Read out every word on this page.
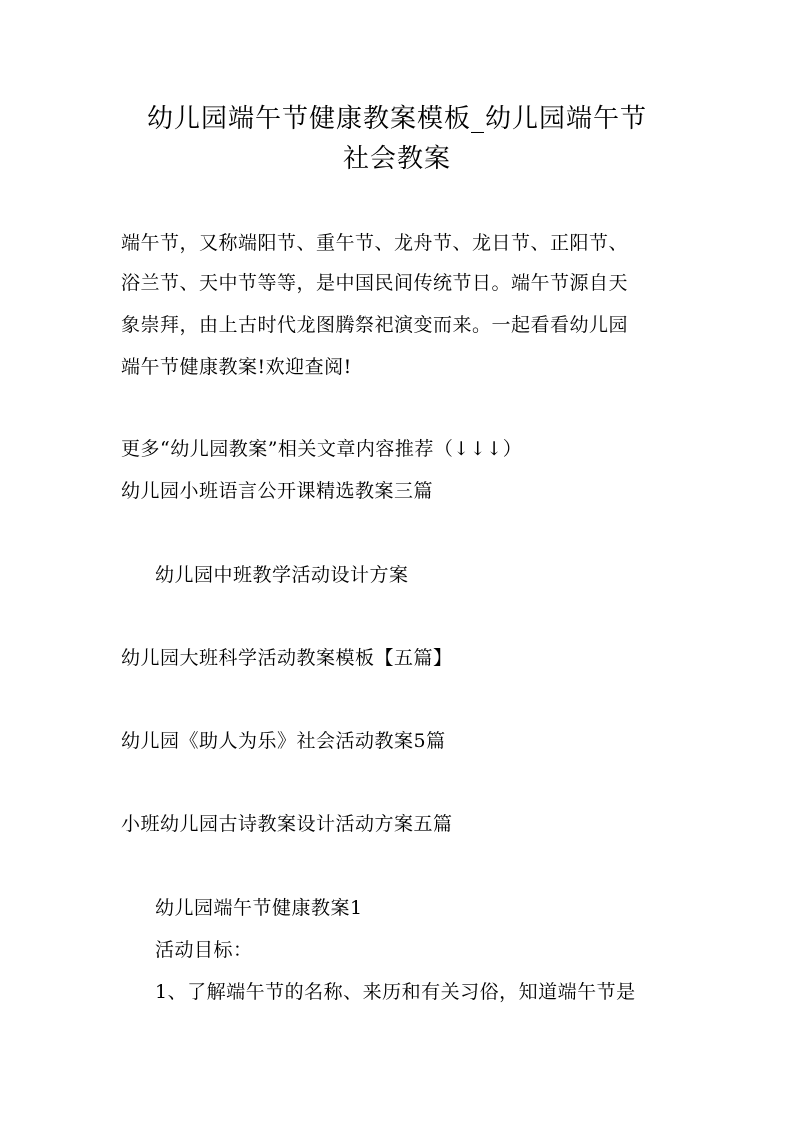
幼儿园端午节健康教案模板_幼儿园端午节
社会教案
端午节，又称端阳节、重午节、龙舟节、龙日节、正阳节、
浴兰节、天中节等等，是中国民间传统节日。端午节源自天
象崇拜，由上古时代龙图腾祭祀演变而来。一起看看幼儿园
端午节健康教案!欢迎查阅!
更多“幼儿园教案”相关文章内容推荐（↓↓↓）
幼儿园小班语言公开课精选教案三篇
幼儿园中班教学活动设计方案
幼儿园大班科学活动教案模板【五篇】
幼儿园《助人为乐》社会活动教案5篇
小班幼儿园古诗教案设计活动方案五篇
幼儿园端午节健康教案1
活动目标：
1、了解端午节的名称、来历和有关习俗，知道端午节是
